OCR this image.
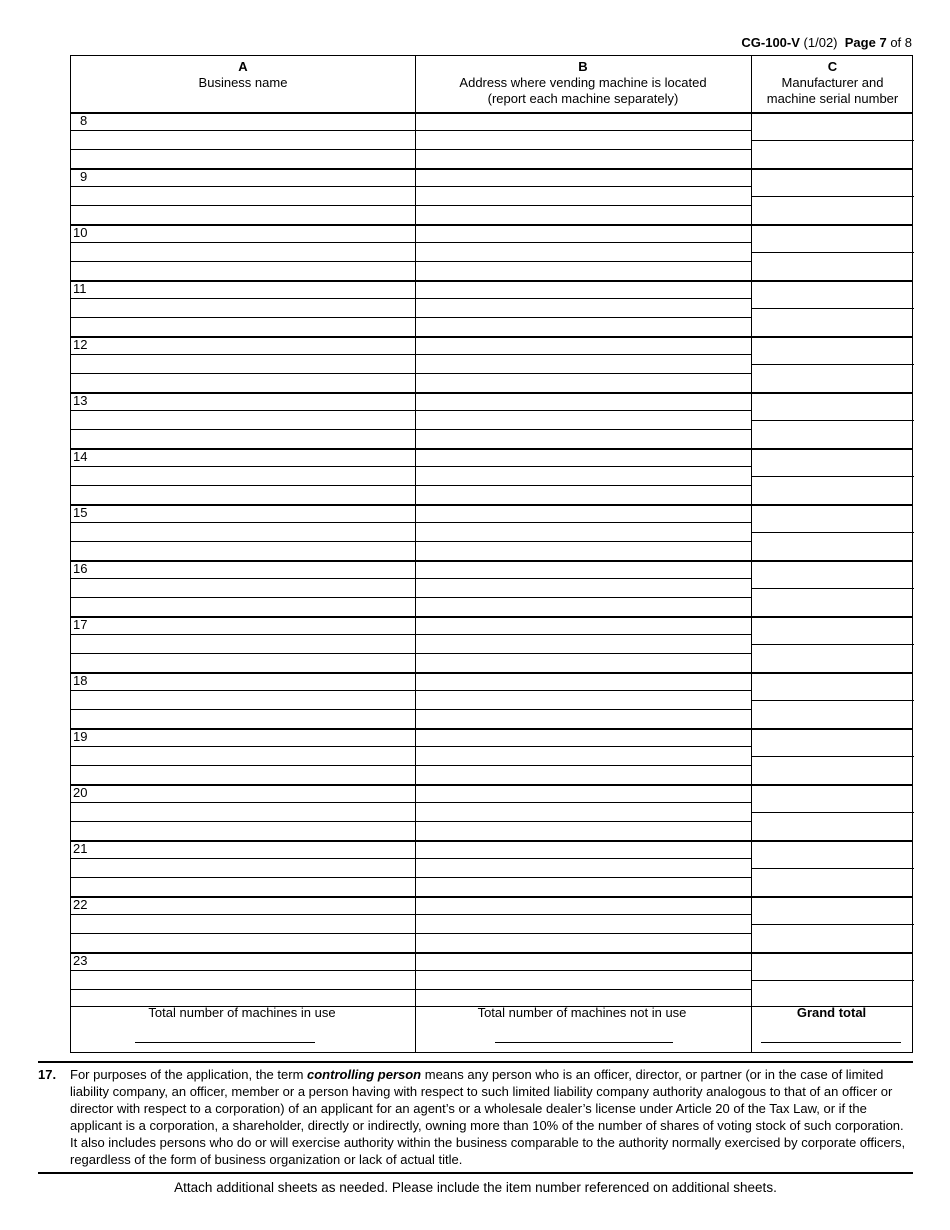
CG-100-V (1/02) Page 7 of 8
A
Business name
B
Address where vending machine is located
(report each machine separately)
C
Manufacturer and
machine serial number
8
9
10
11
12
13
14
15
16
17
18
19
20
21
22
23
Total number of machines in use	Total number of machines not in use	Grand total
17. For purposes of the application, the term controlling person means any person who is an officer, director, or partner (or in the case of limited liability company, an officer, member or a person having with respect to such limited liability company authority analogous to that of an officer or director with respect to a corporation) of an applicant for an agent’s or a wholesale dealer’s license under Article 20 of the Tax Law, or if the applicant is a corporation, a shareholder, directly or indirectly, owning more than 10% of the number of shares of voting stock of such corporation. It also includes persons who do or will exercise authority within the business comparable to the authority normally exercised by corporate officers, regardless of the form of business organization or lack of actual title.
Attach additional sheets as needed. Please include the item number referenced on additional sheets.
